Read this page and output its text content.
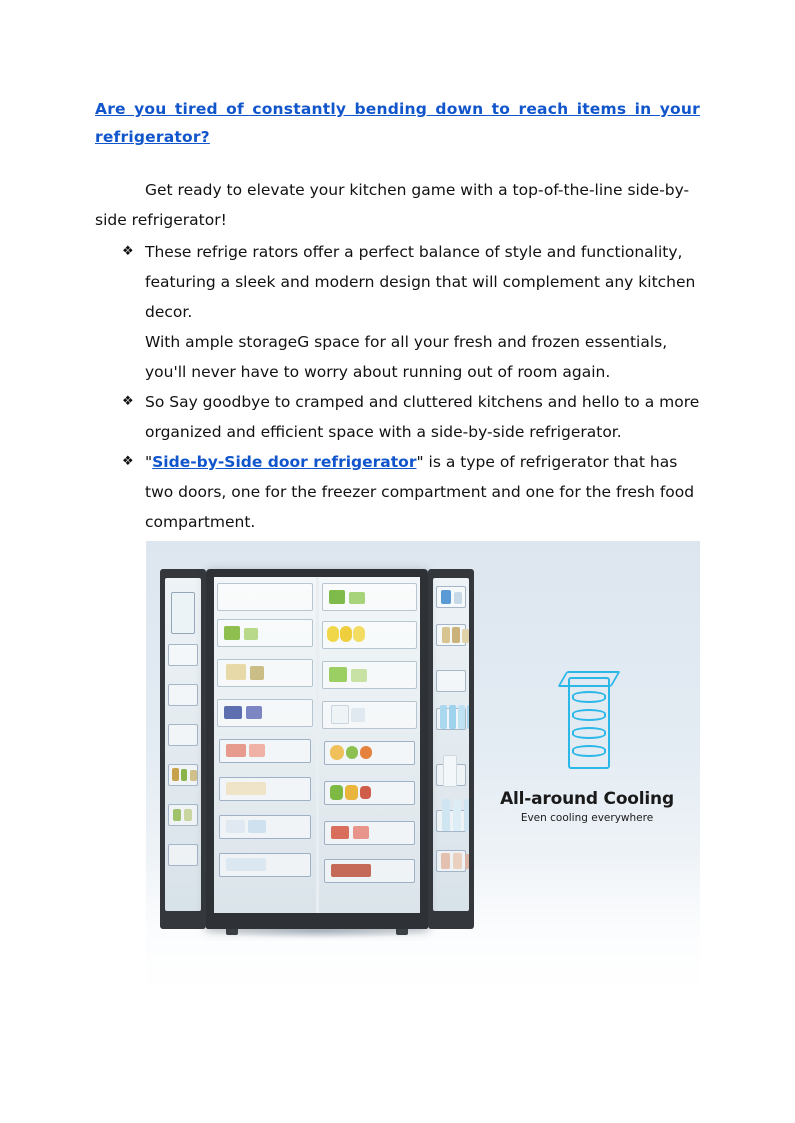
Are you tired of constantly bending down to reach items in your refrigerator?

Get ready to elevate your kitchen game with a top-of-the-line side-by-side refrigerator!

❖ These refrige rators offer a perfect balance of style and functionality, featuring a sleek and modern design that will complement any kitchen decor.
With ample storageG space for all your fresh and frozen essentials, you'll never have to worry about running out of room again.
❖ So Say goodbye to cramped and cluttered kitchens and hello to a more organized and efficient space with a side-by-side refrigerator.
❖ "Side-by-Side door refrigerator" is a type of refrigerator that has two doors, one for the freezer compartment and one for the fresh food compartment.
All-around Cooling
Even cooling everywhere
